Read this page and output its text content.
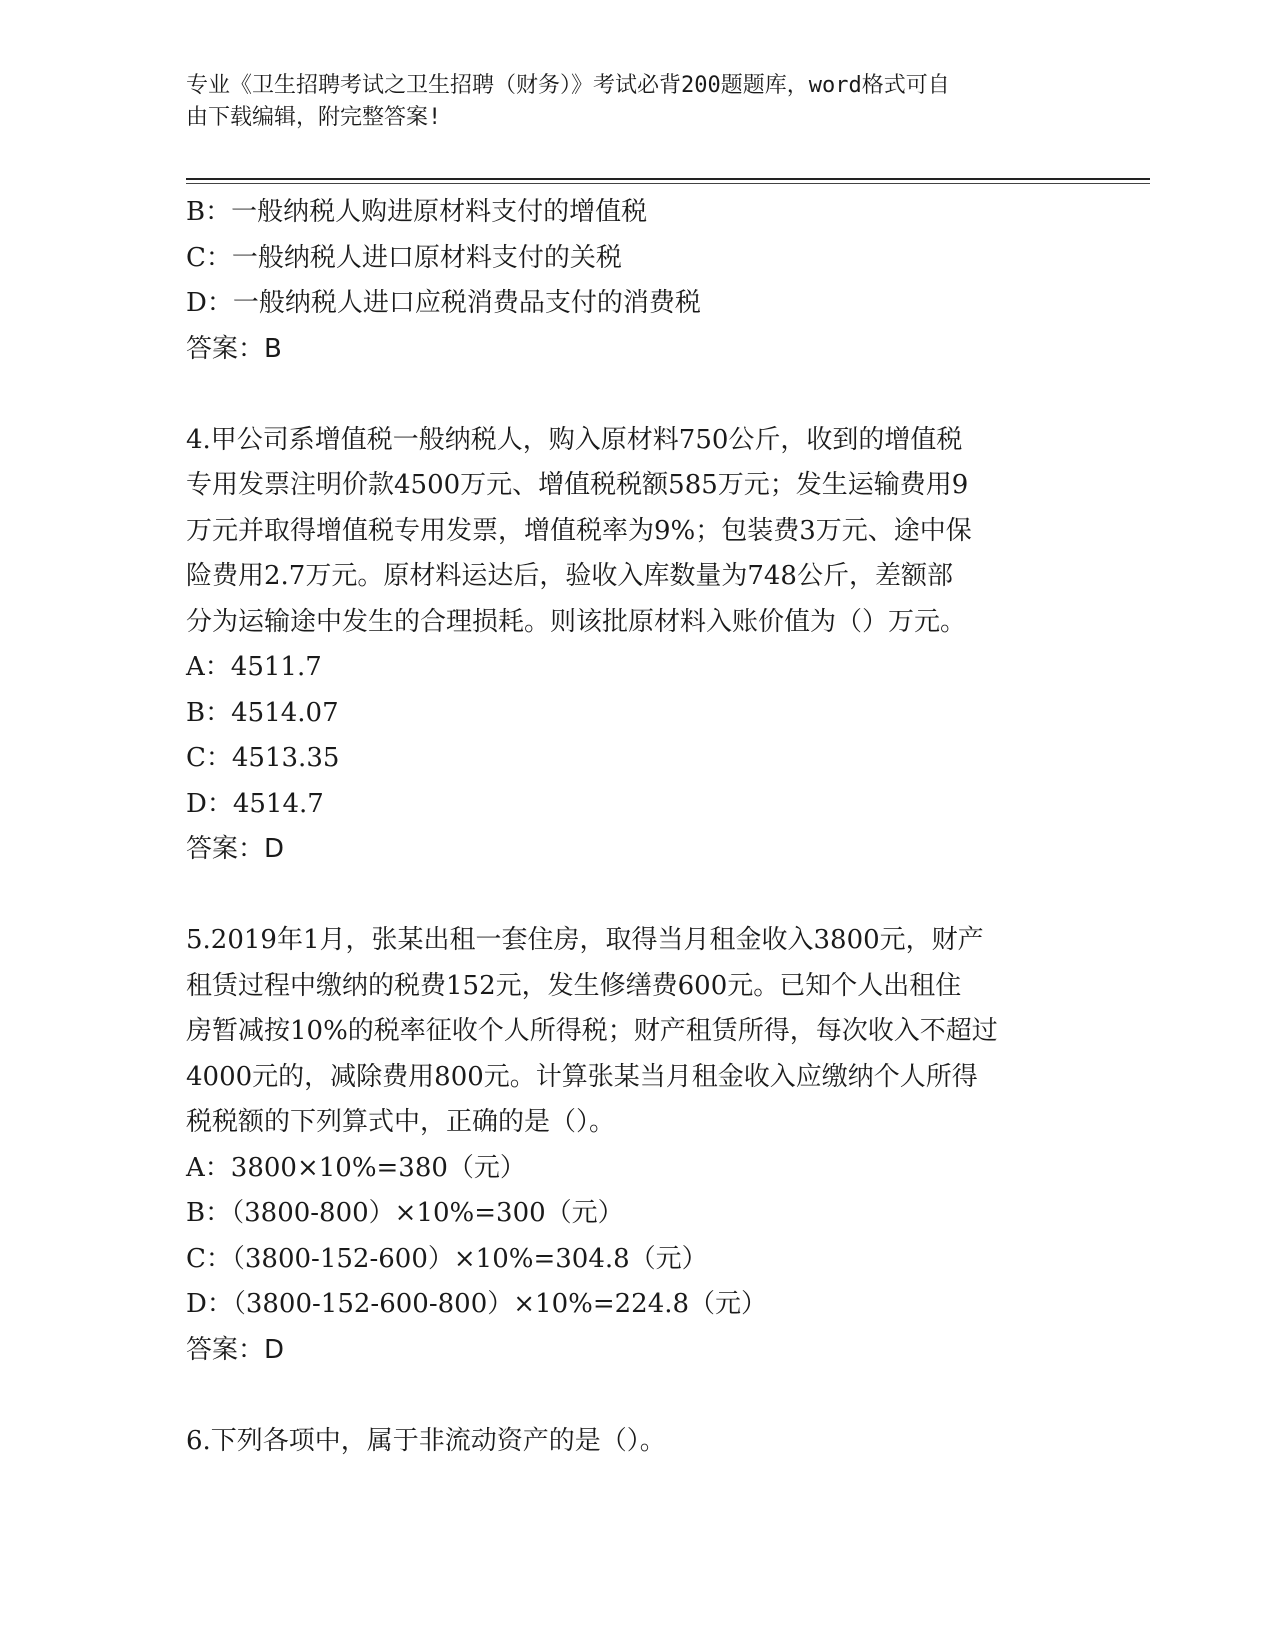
专业《卫生招聘考试之卫生招聘（财务）》考试必背200题题库，word格式可自
由下载编辑，附完整答案!
B：一般纳税人购进原材料支付的增值税
C：一般纳税人进口原材料支付的关税
D：一般纳税人进口应税消费品支付的消费税
答案：B
4.甲公司系增值税一般纳税人，购入原材料750公斤，收到的增值税
专用发票注明价款4500万元、增值税税额585万元；发生运输费用9
万元并取得增值税专用发票，增值税率为9%；包装费3万元、途中保
险费用2.7万元。原材料运达后，验收入库数量为748公斤，差额部
分为运输途中发生的合理损耗。则该批原材料入账价值为（）万元。
A：4511.7
B：4514.07
C：4513.35
D：4514.7
答案：D
5.2019年1月，张某出租一套住房，取得当月租金收入3800元，财产
租赁过程中缴纳的税费152元，发生修缮费600元。已知个人出租住
房暂减按10%的税率征收个人所得税；财产租赁所得，每次收入不超过
4000元的，减除费用800元。计算张某当月租金收入应缴纳个人所得
税税额的下列算式中，正确的是（）。
A：3800×10%=380（元）
B：（3800-800）×10%=300（元）
C：（3800-152-600）×10%=304.8（元）
D：（3800-152-600-800）×10%=224.8（元）
答案：D
6.下列各项中，属于非流动资产的是（）。
